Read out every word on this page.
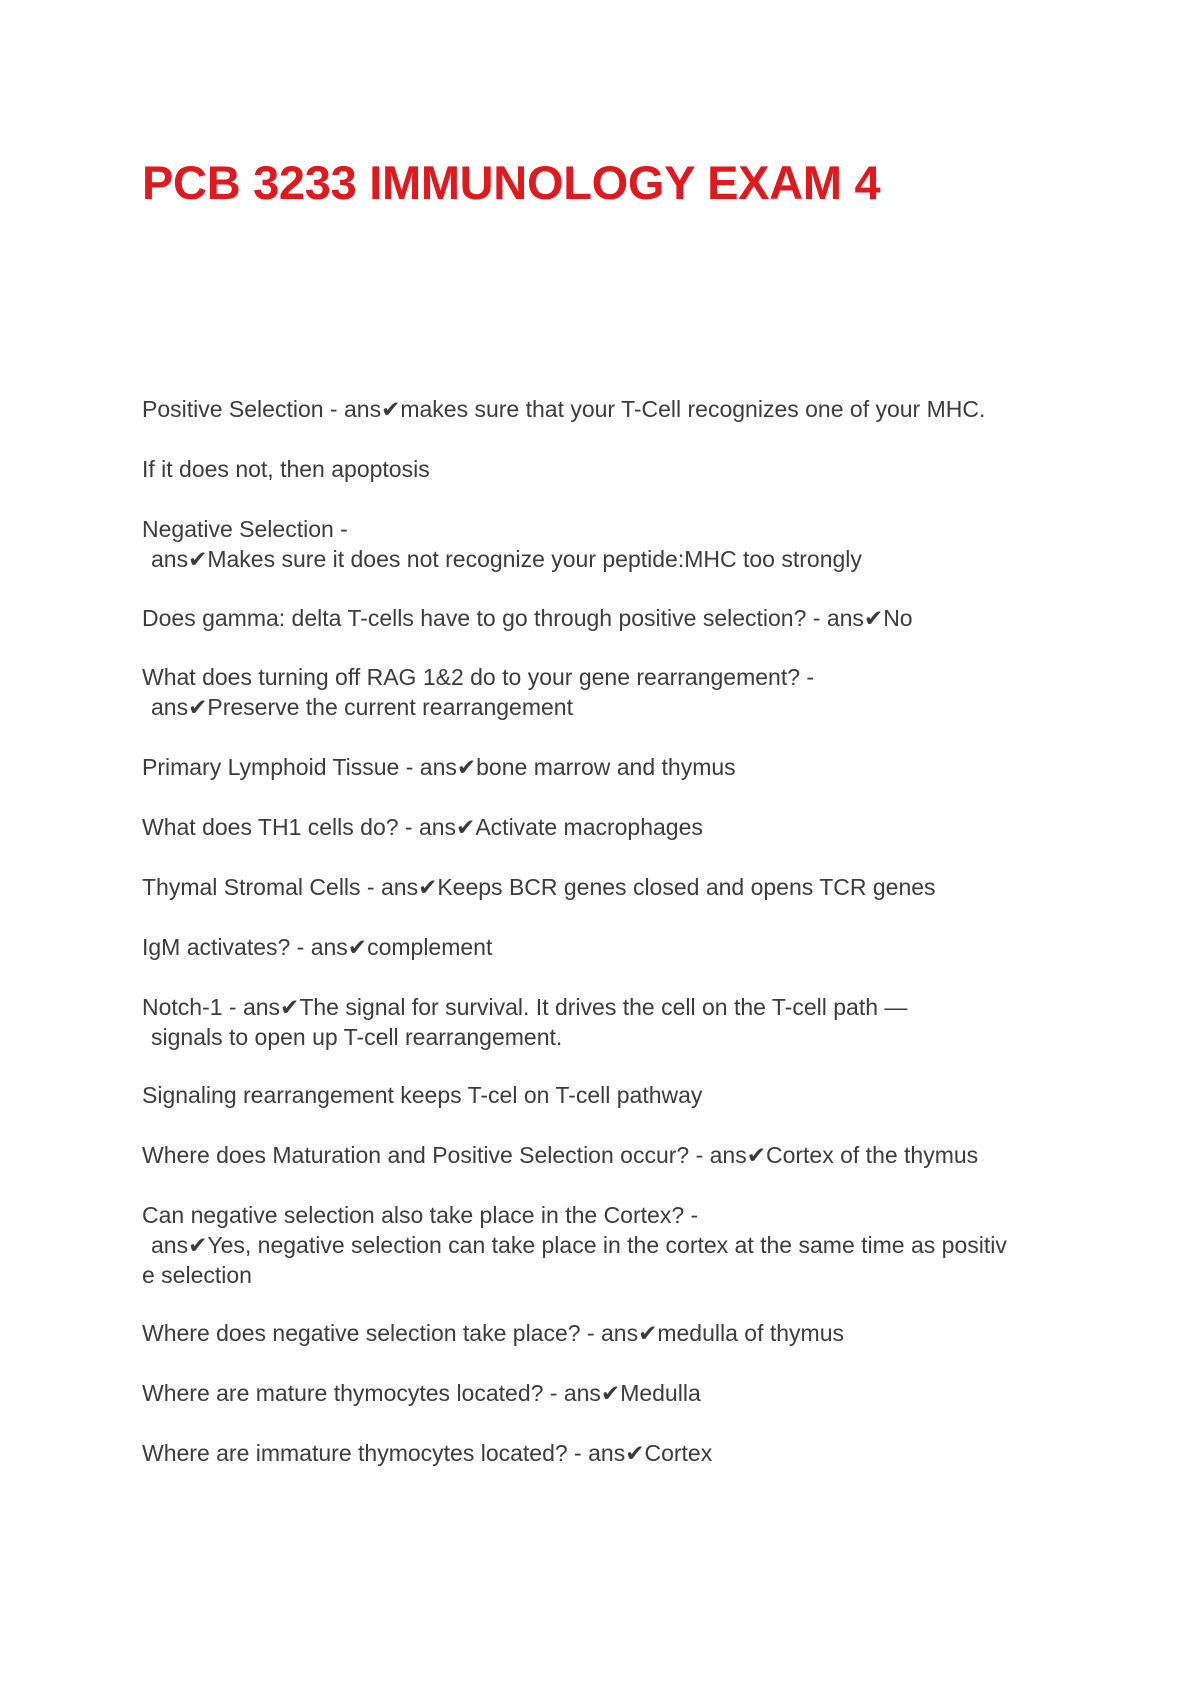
PCB 3233 IMMUNOLOGY EXAM 4

Positive Selection - ans✔makes sure that your T-Cell recognizes one of your MHC.

If it does not, then apoptosis

Negative Selection -
ans✔Makes sure it does not recognize your peptide:MHC too strongly

Does gamma: delta T-cells have to go through positive selection? - ans✔No

What does turning off RAG 1&2 do to your gene rearrangement? -
ans✔Preserve the current rearrangement

Primary Lymphoid Tissue - ans✔bone marrow and thymus

What does TH1 cells do? - ans✔Activate macrophages

Thymal Stromal Cells - ans✔Keeps BCR genes closed and opens TCR genes

IgM activates? - ans✔complement

Notch-1 - ans✔The signal for survival. It drives the cell on the T-cell path —
signals to open up T-cell rearrangement.

Signaling rearrangement keeps T-cel on T-cell pathway

Where does Maturation and Positive Selection occur? - ans✔Cortex of the thymus

Can negative selection also take place in the Cortex? -
ans✔Yes, negative selection can take place in the cortex at the same time as positiv
e selection

Where does negative selection take place? - ans✔medulla of thymus

Where are mature thymocytes located? - ans✔Medulla

Where are immature thymocytes located? - ans✔Cortex
